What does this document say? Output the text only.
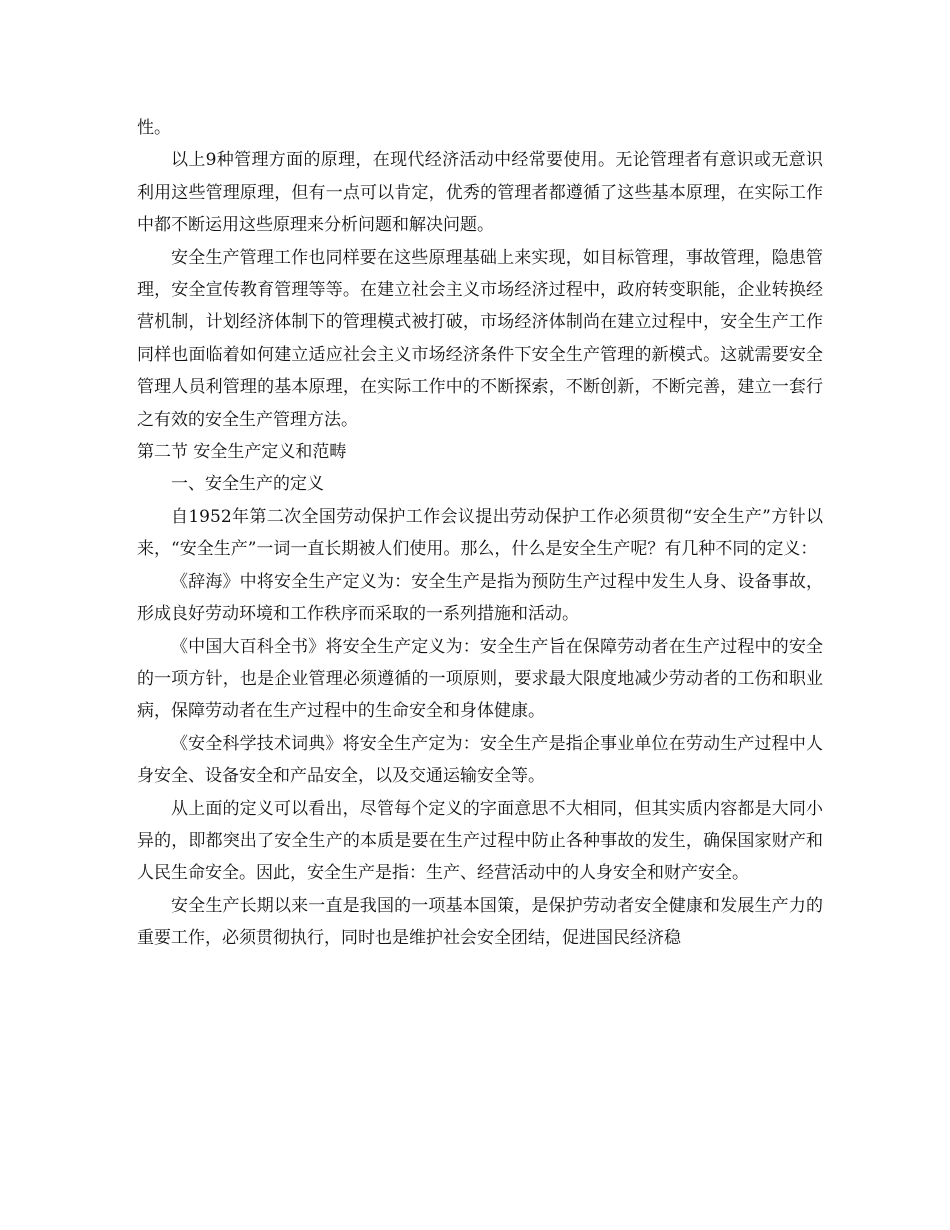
性。

以上9种管理方面的原理，在现代经济活动中经常要使用。无论管理者有意识或无意识利用这些管理原理，但有一点可以肯定，优秀的管理者都遵循了这些基本原理，在实际工作中都不断运用这些原理来分析问题和解决问题。

安全生产管理工作也同样要在这些原理基础上来实现，如目标管理，事故管理，隐患管理，安全宣传教育管理等等。在建立社会主义市场经济过程中，政府转变职能，企业转换经营机制，计划经济体制下的管理模式被打破，市场经济体制尚在建立过程中，安全生产工作同样也面临着如何建立适应社会主义市场经济条件下安全生产管理的新模式。这就需要安全管理人员利管理的基本原理，在实际工作中的不断探索，不断创新，不断完善，建立一套行之有效的安全生产管理方法。

第二节 安全生产定义和范畴

一、安全生产的定义

自1952年第二次全国劳动保护工作会议提出劳动保护工作必须贯彻“安全生产”方针以来，“安全生产”一词一直长期被人们使用。那么，什么是安全生产呢？有几种不同的定义：

《辞海》中将安全生产定义为：安全生产是指为预防生产过程中发生人身、设备事故，形成良好劳动环境和工作秩序而采取的一系列措施和活动。

《中国大百科全书》将安全生产定义为：安全生产旨在保障劳动者在生产过程中的安全的一项方针，也是企业管理必须遵循的一项原则，要求最大限度地减少劳动者的工伤和职业病，保障劳动者在生产过程中的生命安全和身体健康。

《安全科学技术词典》将安全生产定为：安全生产是指企事业单位在劳动生产过程中人身安全、设备安全和产品安全，以及交通运输安全等。

从上面的定义可以看出，尽管每个定义的字面意思不大相同，但其实质内容都是大同小异的，即都突出了安全生产的本质是要在生产过程中防止各种事故的发生，确保国家财产和人民生命安全。因此，安全生产是指：生产、经营活动中的人身安全和财产安全。

安全生产长期以来一直是我国的一项基本国策，是保护劳动者安全健康和发展生产力的重要工作，必须贯彻执行，同时也是维护社会安全团结，促进国民经济稳
